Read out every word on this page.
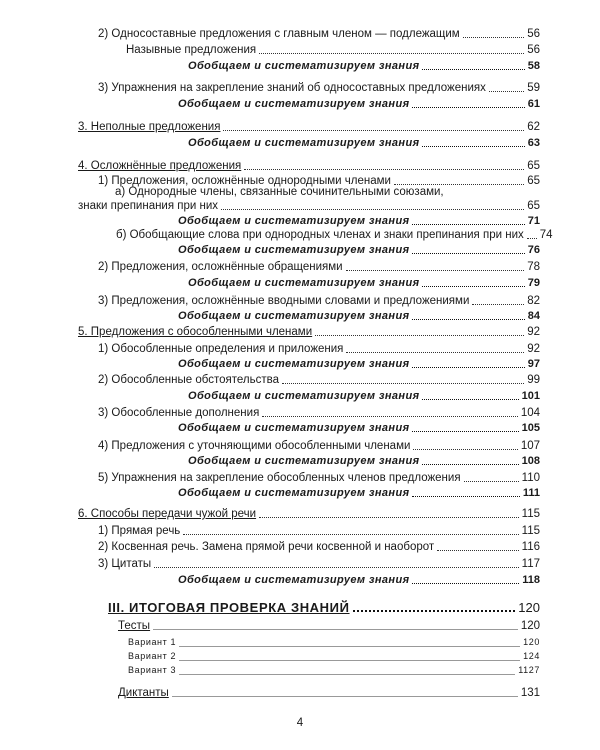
2) Односоставные предложения с главным членом — подлежащим	56
Назывные предложения	56
Обобщаем и систематизируем знания	58
3) Упражнения на закрепление знаний об односоставных предложениях	59
Обобщаем и систематизируем знания	61
3. Неполные предложения	62
Обобщаем и систематизируем знания	63
4. Осложнённые предложения	65
1) Предложения, осложнённые однородными членами	65
а) Однородные члены, связанные сочинительными союзами,
знаки препинания при них	65
Обобщаем и систематизируем знания	71
б) Обобщающие слова при однородных членах и знаки препинания при них 74
Обобщаем и систематизируем знания	76
2) Предложения, осложнённые обращениями	78
Обобщаем и систематизируем знания	79
3) Предложения, осложнённые вводными словами и предложениями	82
Обобщаем и систематизируем знания	84
5. Предложения с обособленными членами	92
1) Обособленные определения и приложения	92
Обобщаем и систематизируем знания	97
2) Обособленные обстоятельства	99
Обобщаем и систематизируем знания	101
3) Обособленные дополнения	104
Обобщаем и систематизируем знания	105
4) Предложения с уточняющими обособленными членами	107
Обобщаем и систематизируем знания	108
5) Упражнения на закрепление обособленных членов предложения	110
Обобщаем и систематизируем знания	111
6. Способы передачи чужой речи	115
1) Прямая речь	115
2) Косвенная речь. Замена прямой речи косвенной и наоборот	116
3) Цитаты	117
Обобщаем и систематизируем знания	118
III. ИТОГОВАЯ ПРОВЕРКА ЗНАНИЙ	120
Тесты	120
Вариант 1	120
Вариант 2	124
Вариант 3	1127
Диктанты	131
4
